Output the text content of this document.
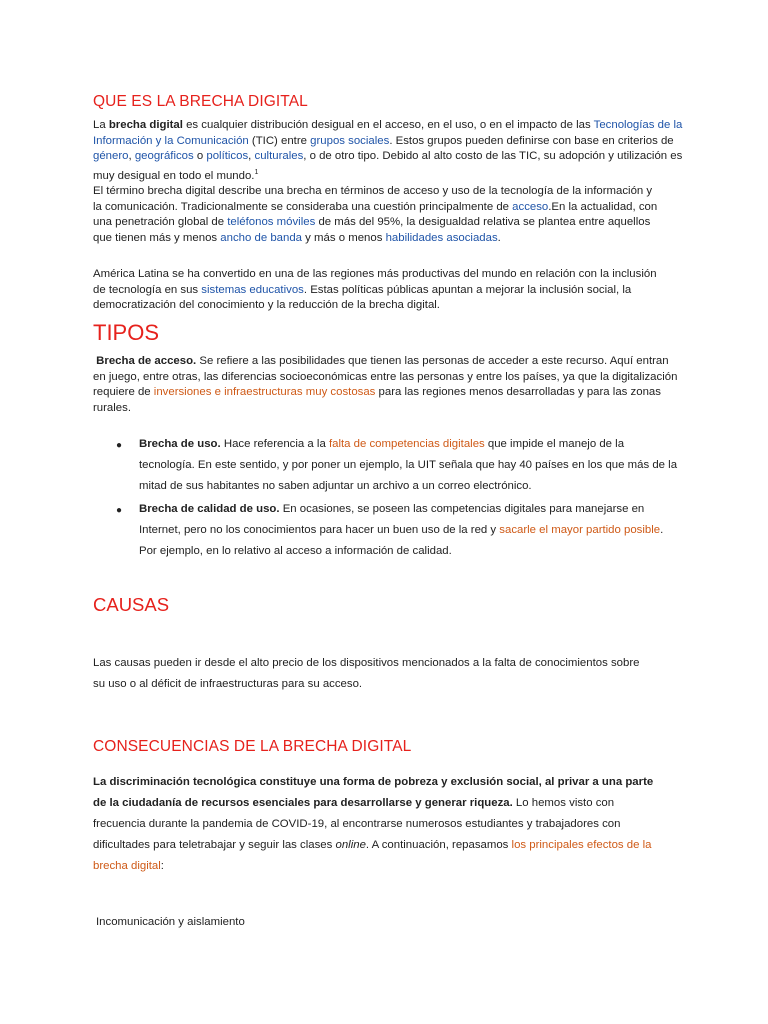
QUE ES LA BRECHA DIGITAL

La brecha digital es cualquier distribución desigual en el acceso, en el uso, o en el impacto de las Tecnologías de la Información y la Comunicación (TIC) entre grupos sociales. Estos grupos pueden definirse con base en criterios de género, geográficos o políticos, culturales, o de otro tipo. Debido al alto costo de las TIC, su adopción y utilización es muy desigual en todo el mundo.$^1$

El término brecha digital describe una brecha en términos de acceso y uso de la tecnología de la información y la comunicación. Tradicionalmente se consideraba una cuestión principalmente de acceso.En la actualidad, con una penetración global de teléfonos móviles de más del 95%, la desigualdad relativa se plantea entre aquellos que tienen más y menos ancho de banda y más o menos habilidades asociadas.

América Latina se ha convertido en una de las regiones más productivas del mundo en relación con la inclusión de tecnología en sus sistemas educativos. Estas políticas públicas apuntan a mejorar la inclusión social, la democratización del conocimiento y la reducción de la brecha digital.

TIPOS

Brecha de acceso. Se refiere a las posibilidades que tienen las personas de acceder a este recurso. Aquí entran en juego, entre otras, las diferencias socioeconómicas entre las personas y entre los países, ya que la digitalización requiere de inversiones e infraestructuras muy costosas para las regiones menos desarrolladas y para las zonas rurales.

● Brecha de uso. Hace referencia a la falta de competencias digitales que impide el manejo de la tecnología. En este sentido, y por poner un ejemplo, la UIT señala que hay 40 países en los que más de la mitad de sus habitantes no saben adjuntar un archivo a un correo electrónico.

● Brecha de calidad de uso. En ocasiones, se poseen las competencias digitales para manejarse en Internet, pero no los conocimientos para hacer un buen uso de la red y sacarle el mayor partido posible. Por ejemplo, en lo relativo al acceso a información de calidad.

CAUSAS

Las causas pueden ir desde el alto precio de los dispositivos mencionados a la falta de conocimientos sobre su uso o al déficit de infraestructuras para su acceso.

CONSECUENCIAS DE LA BRECHA DIGITAL

La discriminación tecnológica constituye una forma de pobreza y exclusión social, al privar a una parte de la ciudadanía de recursos esenciales para desarrollarse y generar riqueza. Lo hemos visto con frecuencia durante la pandemia de COVID-19, al encontrarse numerosos estudiantes y trabajadores con dificultades para teletrabajar y seguir las clases online. A continuación, repasamos los principales efectos de la brecha digital:

Incomunicación y aislamiento
